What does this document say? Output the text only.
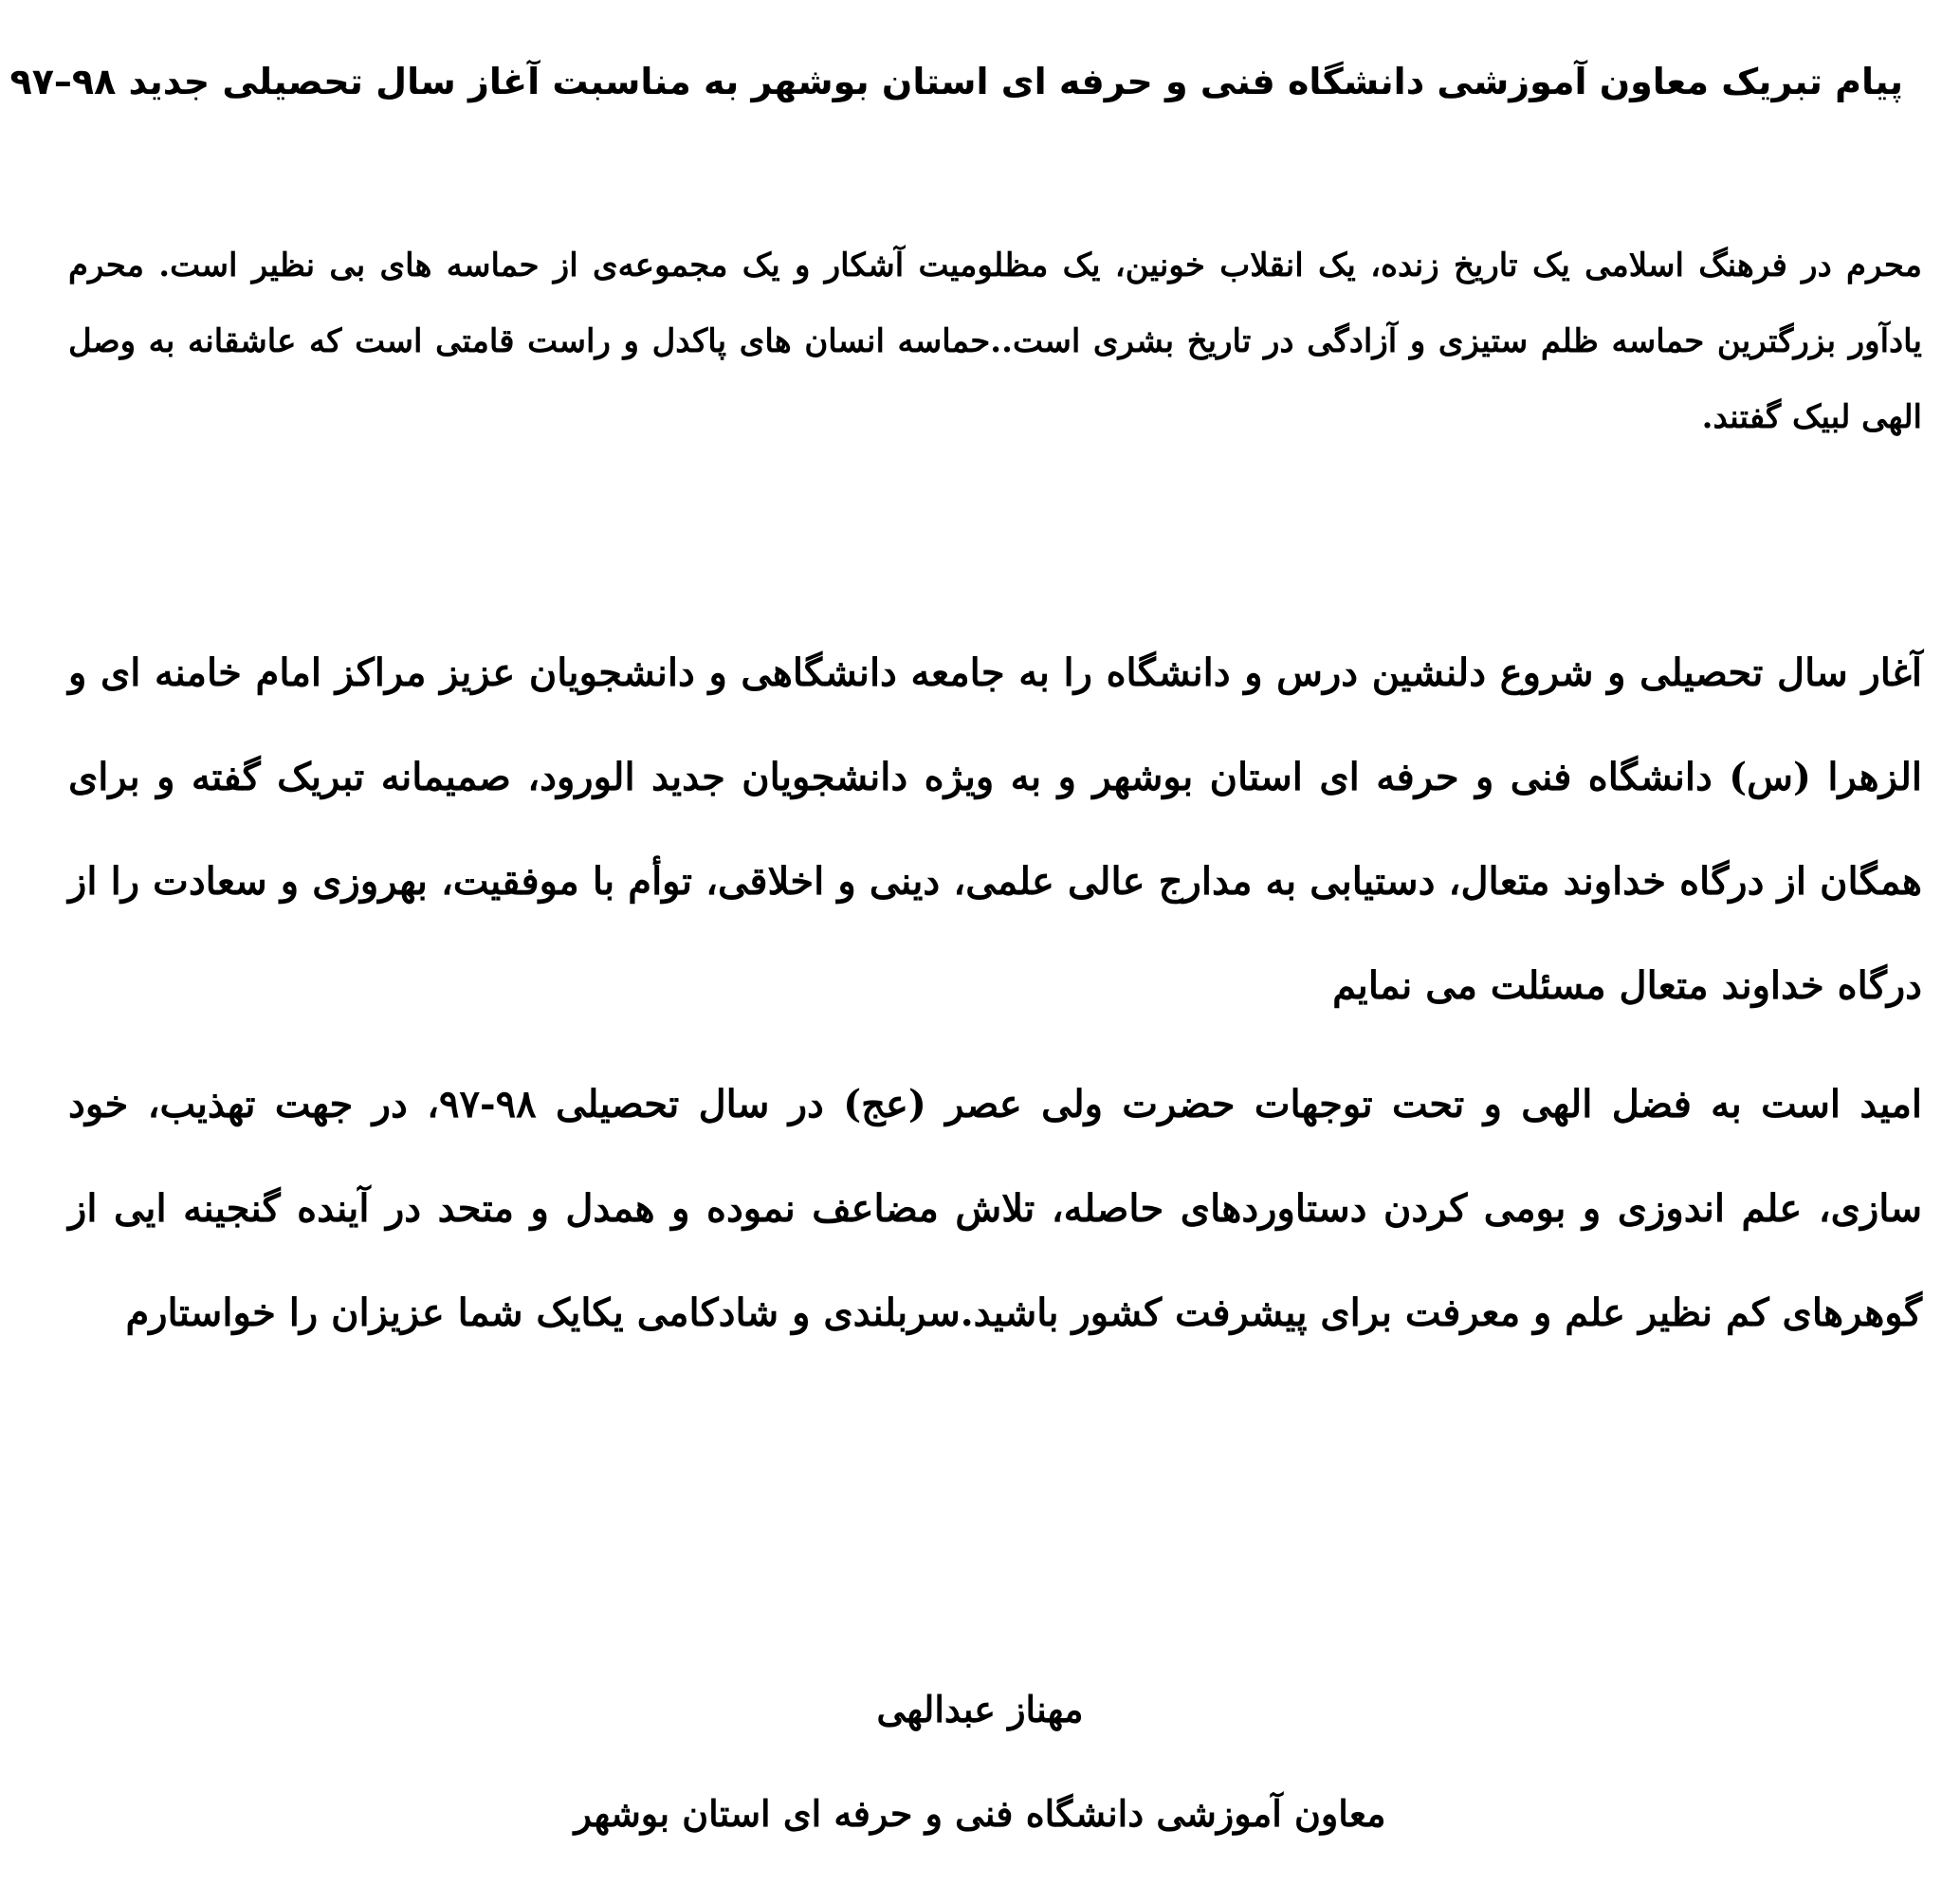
پیام تبریک معاون آموزشی دانشگاه فنی و حرفه ای استان بوشهر به مناسبت آغاز سال تحصیلی جدید ۹۸–۹۷

محرم در فرهنگ اسلامی یک تاریخ زنده، یک انقلاب خونین، یک مظلومیت آشکار و یک مجموعه‌ی از حماسه های بی نظیر است. محرم یادآور بزرگترین حماسه ظلم ستیزی و آزادگی در تاریخ بشری است..حماسه انسان های پاکدل و راست قامتی است که عاشقانه به وصل الهی لبیک گفتند.

آغار سال تحصیلی و شروع دلنشین درس و دانشگاه را به جامعه دانشگاهی و دانشجویان عزیز مراکز امام خامنه ای و الزهرا (س) دانشگاه فنی و حرفه ای استان بوشهر و به ویژه دانشجویان جدید الورود، صمیمانه تبریک گفته و برای همگان از درگاه خداوند متعال، دستیابی به مدارج عالی علمی، دینی و اخلاقی، توأم با موفقیت، بهروزی و سعادت را از درگاه خداوند متعال مسئلت می نمایم

امید است به فضل الهی و تحت توجهات حضرت ولی عصر (عج) در سال تحصیلی ۹۸-۹۷، در جهت تهذیب، خود سازی، علم اندوزی و بومی کردن دستاوردهای حاصله، تلاش مضاعف نموده و همدل و متحد در آینده گنجینه ایی از گوهرهای کم نظیر علم و معرفت برای پیشرفت کشور باشید.سربلندی و شادکامی یکایک شما عزیزان را خواستارم

مهناز عبدالهی
معاون آموزشی دانشگاه فنی و حرفه ای استان بوشهر
